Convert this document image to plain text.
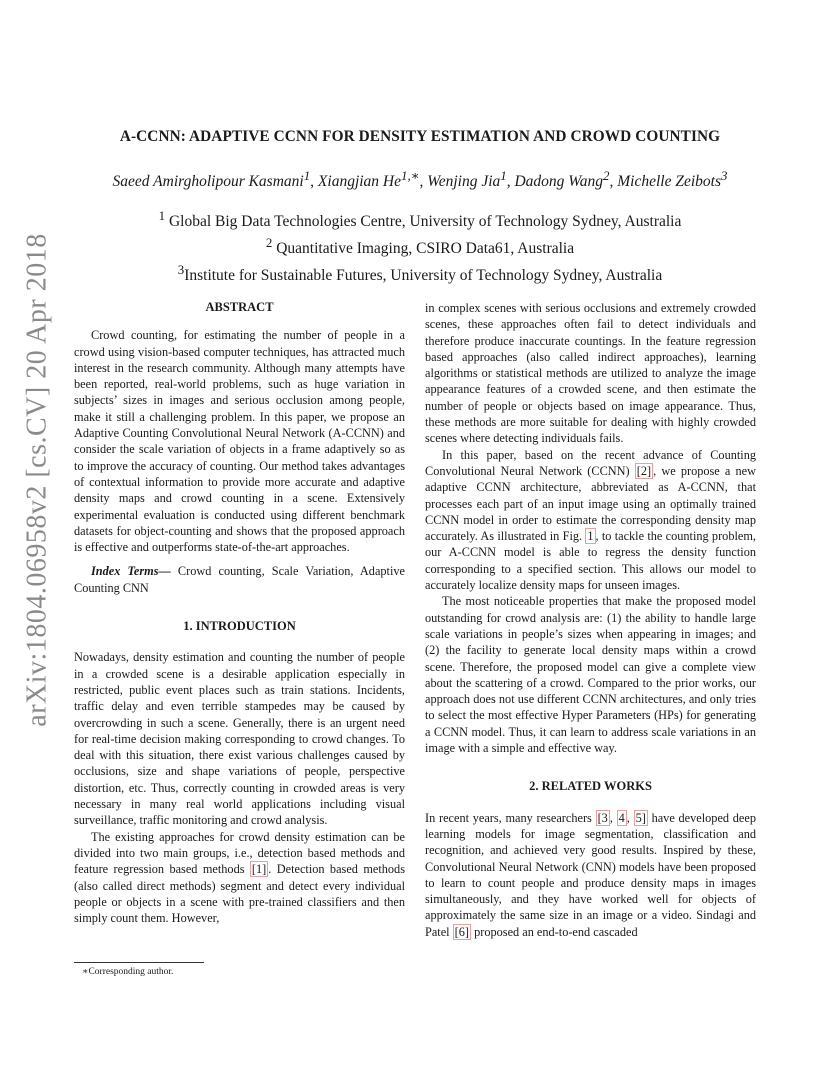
arXiv:1804.06958v2 [cs.CV] 20 Apr 2018
A-CCNN: ADAPTIVE CCNN FOR DENSITY ESTIMATION AND CROWD COUNTING
Saeed Amirgholipour Kasmani$^1$, Xiangjian $He^{1,∗}$, Wenjing Jia$^1$, Dadong Wang$^2$, Michelle Zeibots$^3$
$^1$ Global Big Data Technologies Centre, University of Technology Sydney, Australia
$^2$ Quantitative Imaging, CSIRO Data61, Australia
$^3$Institute for Sustainable Futures, University of Technology Sydney, Australia
ABSTRACT

Crowd counting, for estimating the number of people in a crowd using vision-based computer techniques, has attracted much interest in the research community. Although many attempts have been reported, real-world problems, such as huge variation in subjects’ sizes in images and serious occlusion among people, make it still a challenging problem. In this paper, we propose an Adaptive Counting Convolutional Neural Network (A-CCNN) and consider the scale variation of objects in a frame adaptively so as to improve the accuracy of counting. Our method takes advantages of contextual information to provide more accurate and adaptive density maps and crowd counting in a scene. Extensively experimental evaluation is conducted using different benchmark datasets for object-counting and shows that the proposed approach is effective and outperforms state-of-the-art approaches.

Index Terms— Crowd counting, Scale Variation, Adaptive Counting CNN

1. INTRODUCTION

Nowadays, density estimation and counting the number of people in a crowded scene is a desirable application especially in restricted, public event places such as train stations. Incidents, traffic delay and even terrible stampedes may be caused by overcrowding in such a scene. Generally, there is an urgent need for real-time decision making corresponding to crowd changes. To deal with this situation, there exist various challenges caused by occlusions, size and shape variations of people, perspective distortion, etc. Thus, correctly counting in crowded areas is very necessary in many real world applications including visual surveillance, traffic monitoring and crowd analysis.

The existing approaches for crowd density estimation can be divided into two main groups, i.e., detection based methods and feature regression based methods [1] . Detection based methods (also called direct methods) segment and detect every individual people or objects in a scene with pre-trained classifiers and then simply count them. However,

in complex scenes with serious occlusions and extremely crowded scenes, these approaches often fail to detect individuals and therefore produce inaccurate countings. In the feature regression based approaches (also called indirect approaches), learning algorithms or statistical methods are utilized to analyze the image appearance features of a crowded scene, and then estimate the number of people or objects based on image appearance. Thus, these methods are more suitable for dealing with highly crowded scenes where detecting individuals fails.

In this paper, based on the recent advance of Counting Convolutional Neural Network (CCNN) [2] , we propose a new adaptive CCNN architecture, abbreviated as A-CCNN, that processes each part of an input image using an optimally trained CCNN model in order to estimate the corresponding density map accurately. As illustrated in Fig. 1 , to tackle the counting problem, our A-CCNN model is able to regress the density function corresponding to a specified section. This allows our model to accurately localize density maps for unseen images.

The most noticeable properties that make the proposed model outstanding for crowd analysis are: (1) the ability to handle large scale variations in people’s sizes when appearing in images; and (2) the facility to generate local density maps within a crowd scene. Therefore, the proposed model can give a complete view about the scattering of a crowd. Compared to the prior works, our approach does not use different CCNN architectures, and only tries to select the most effective Hyper Parameters (HPs) for generating a CCNN model. Thus, it can learn to address scale variations in an image with a simple and effective way.

2. RELATED WORKS

In recent years, many researchers [3 , 4 , 5] have developed deep learning models for image segmentation, classification and recognition, and achieved very good results. Inspired by these, Convolutional Neural Network (CNN) models have been proposed to learn to count people and produce density maps in images simultaneously, and they have worked well for objects of approximately the same size in an image or a video. Sindagi and Patel [6] proposed an end-to-end cascaded

∗Corresponding author.
